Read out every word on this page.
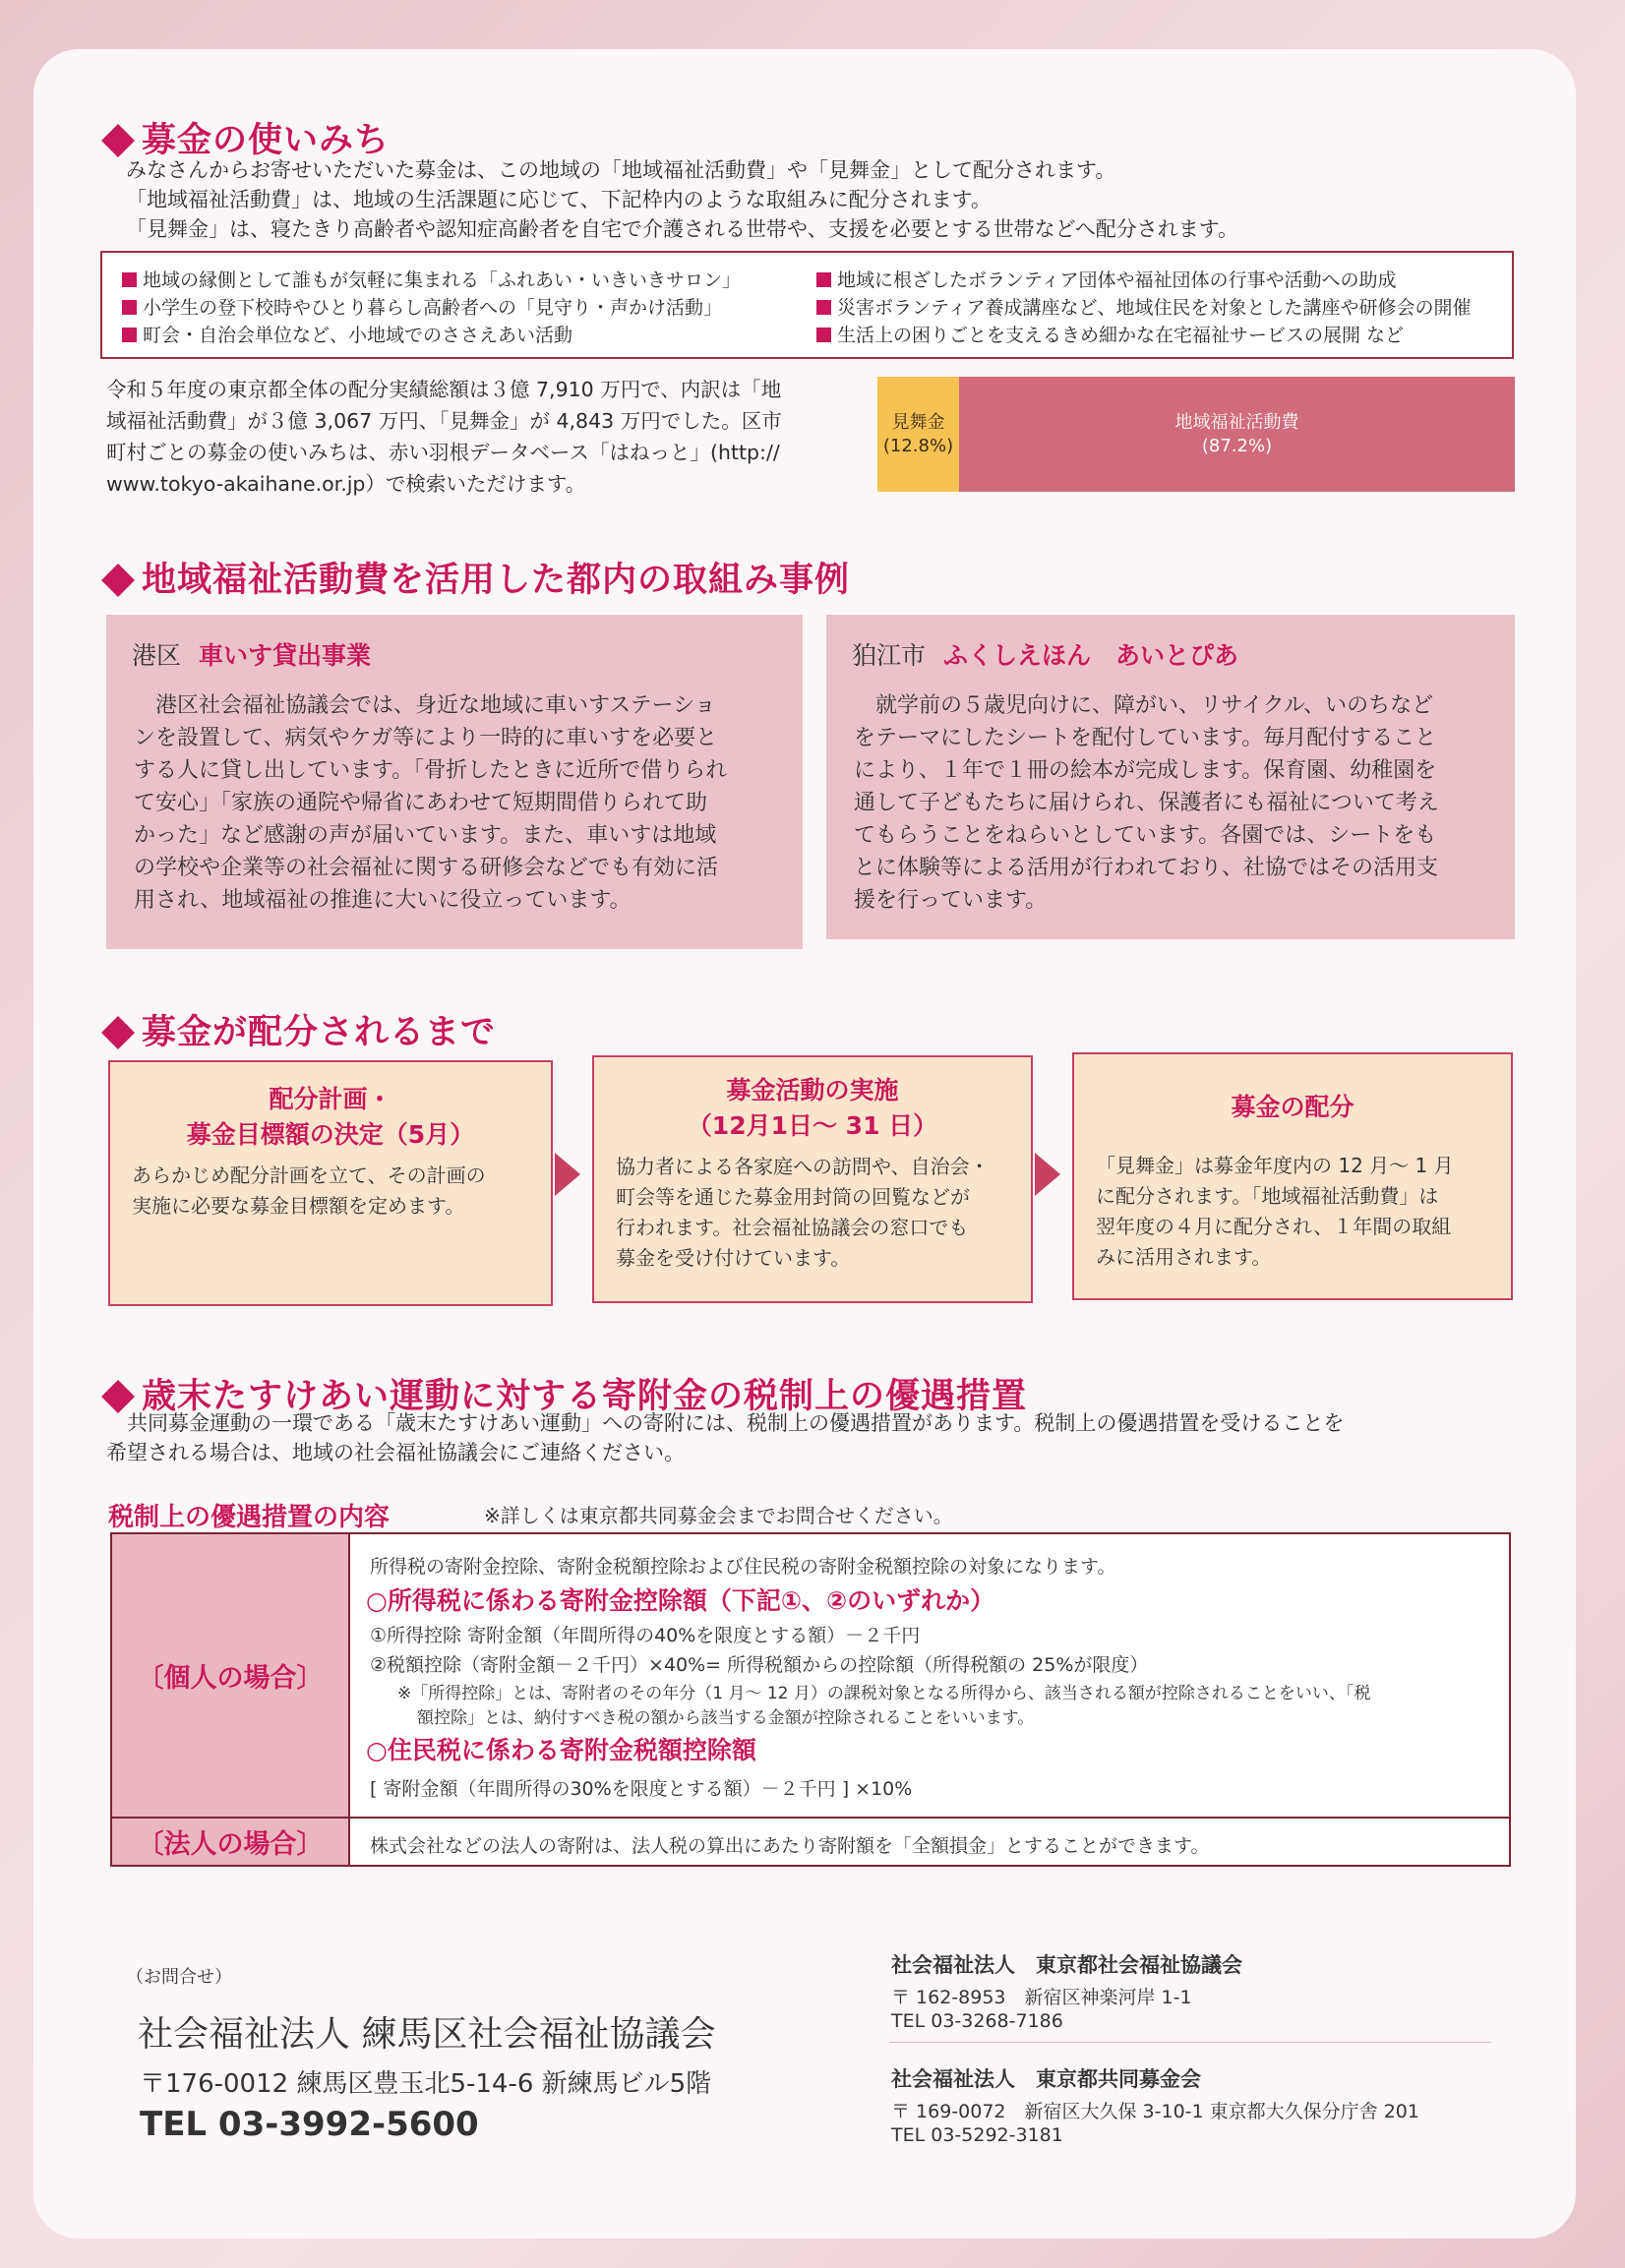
募金の使いみち
みなさんからお寄せいただいた募金は、この地域の「地域福祉活動費」や「見舞金」として配分されます。
「地域福祉活動費」は、地域の生活課題に応じて、下記枠内のような取組みに配分されます。
「見舞金」は、寝たきり高齢者や認知症高齢者を自宅で介護される世帯や、支援を必要とする世帯などへ配分されます。
地域の縁側として誰もが気軽に集まれる「ふれあい・いきいきサロン」
小学生の登下校時やひとり暮らし高齢者への「見守り・声かけ活動」
町会・自治会単位など、小地域でのささえあい活動
地域に根ざしたボランティア団体や福祉団体の行事や活動への助成
災害ボランティア養成講座など、地域住民を対象とした講座や研修会の開催
生活上の困りごとを支えるきめ細かな在宅福祉サービスの展開 など
令和５年度の東京都全体の配分実績総額は３億 7,910 万円で、内訳は「地
域福祉活動費」が３億 3,067 万円、「見舞金」が 4,843 万円でした。区市
町村ごとの募金の使いみちは、赤い羽根データベース「はねっと」(http://
www.tokyo-akaihane.or.jp）で検索いただけます。
見舞金
(12.8%)
地域福祉活動費
(87.2%)
地域福祉活動費を活用した都内の取組み事例
港区 車いす貸出事業
　港区社会福祉協議会では、身近な地域に車いすステーショ
ンを設置して、病気やケガ等により一時的に車いすを必要と
する人に貸し出しています。「骨折したときに近所で借りられ
て安心」「家族の通院や帰省にあわせて短期間借りられて助
かった」など感謝の声が届いています。また、車いすは地域
の学校や企業等の社会福祉に関する研修会などでも有効に活
用され、地域福祉の推進に大いに役立っています。
狛江市 ふくしえほん　あいとぴあ
　就学前の５歳児向けに、障がい、リサイクル、いのちなど
をテーマにしたシートを配付しています。毎月配付すること
により、１年で１冊の絵本が完成します。保育園、幼稚園を
通して子どもたちに届けられ、保護者にも福祉について考え
てもらうことをねらいとしています。各園では、シートをも
とに体験等による活用が行われており、社協ではその活用支
援を行っています。
募金が配分されるまで
配分計画・
募金目標額の決定（5月）
あらかじめ配分計画を立て、その計画の
実施に必要な募金目標額を定めます。
募金活動の実施
（12月1日～ 31 日）
協力者による各家庭への訪問や、自治会・
町会等を通じた募金用封筒の回覧などが
行われます。社会福祉協議会の窓口でも
募金を受け付けています。
募金の配分
「見舞金」は募金年度内の 12 月～ 1 月
に配分されます。「地域福祉活動費」は
翌年度の４月に配分され、１年間の取組
みに活用されます。
歳末たすけあい運動に対する寄附金の税制上の優遇措置
　共同募金運動の一環である「歳末たすけあい運動」への寄附には、税制上の優遇措置があります。税制上の優遇措置を受けることを
希望される場合は、地域の社会福祉協議会にご連絡ください。
税制上の優遇措置の内容	※詳しくは東京都共同募金会までお問合せください。
〔個人の場合〕
〔法人の場合〕
所得税の寄附金控除、寄附金税額控除および住民税の寄附金税額控除の対象になります。
○所得税に係わる寄附金控除額（下記①、②のいずれか）
①所得控除 寄附金額（年間所得の40%を限度とする額）－２千円
②税額控除（寄附金額－２千円）×40%= 所得税額からの控除額（所得税額の 25%が限度）
※「所得控除」とは、寄附者のその年分（1 月～ 12 月）の課税対象となる所得から、該当される額が控除されることをいい、「税
額控除」とは、納付すべき税の額から該当する金額が控除されることをいいます。
○住民税に係わる寄附金税額控除額
[ 寄附金額（年間所得の30%を限度とする額）－２千円 ] ×10%
株式会社などの法人の寄附は、法人税の算出にあたり寄附額を「全額損金」とすることができます。
（お問合せ）
社会福祉法人 練馬区社会福祉協議会
〒176-0012 練馬区豊玉北5-14-6 新練馬ビル5階
TEL 03-3992-5600
社会福祉法人　東京都社会福祉協議会
〒 162-8953　新宿区神楽河岸 1-1
TEL 03-3268-7186
社会福祉法人　東京都共同募金会
〒 169-0072　新宿区大久保 3-10-1 東京都大久保分庁舎 201
TEL 03-5292-3181
